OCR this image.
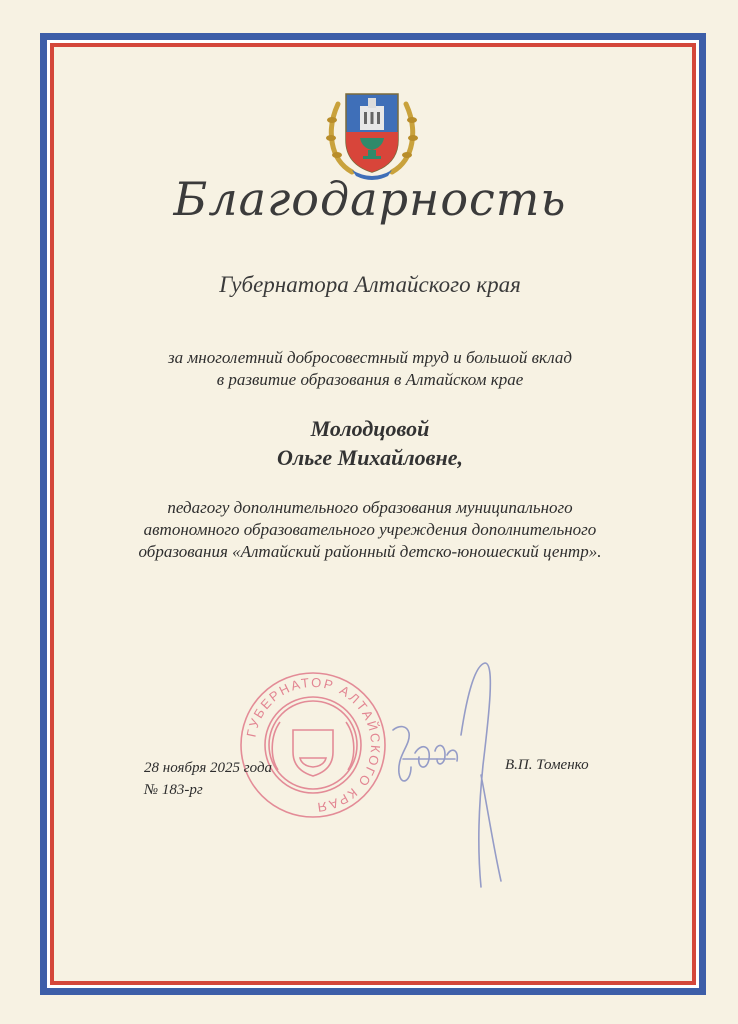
Благодарность
Губернатора Алтайского края
за многолетний добросовестный труд и большой вклад
в развитие образования в Алтайском крае
Молодцовой
Ольге Михайловне,
педагогу дополнительного образования муниципального
автономного образовательного учреждения дополнительного
образования «Алтайский районный детско-юношеский центр».
ГУБЕРНАТОР АЛТАЙСКОГО КРАЯ
28 ноября 2025 года
№ 183-рг
В.П. Томенко
